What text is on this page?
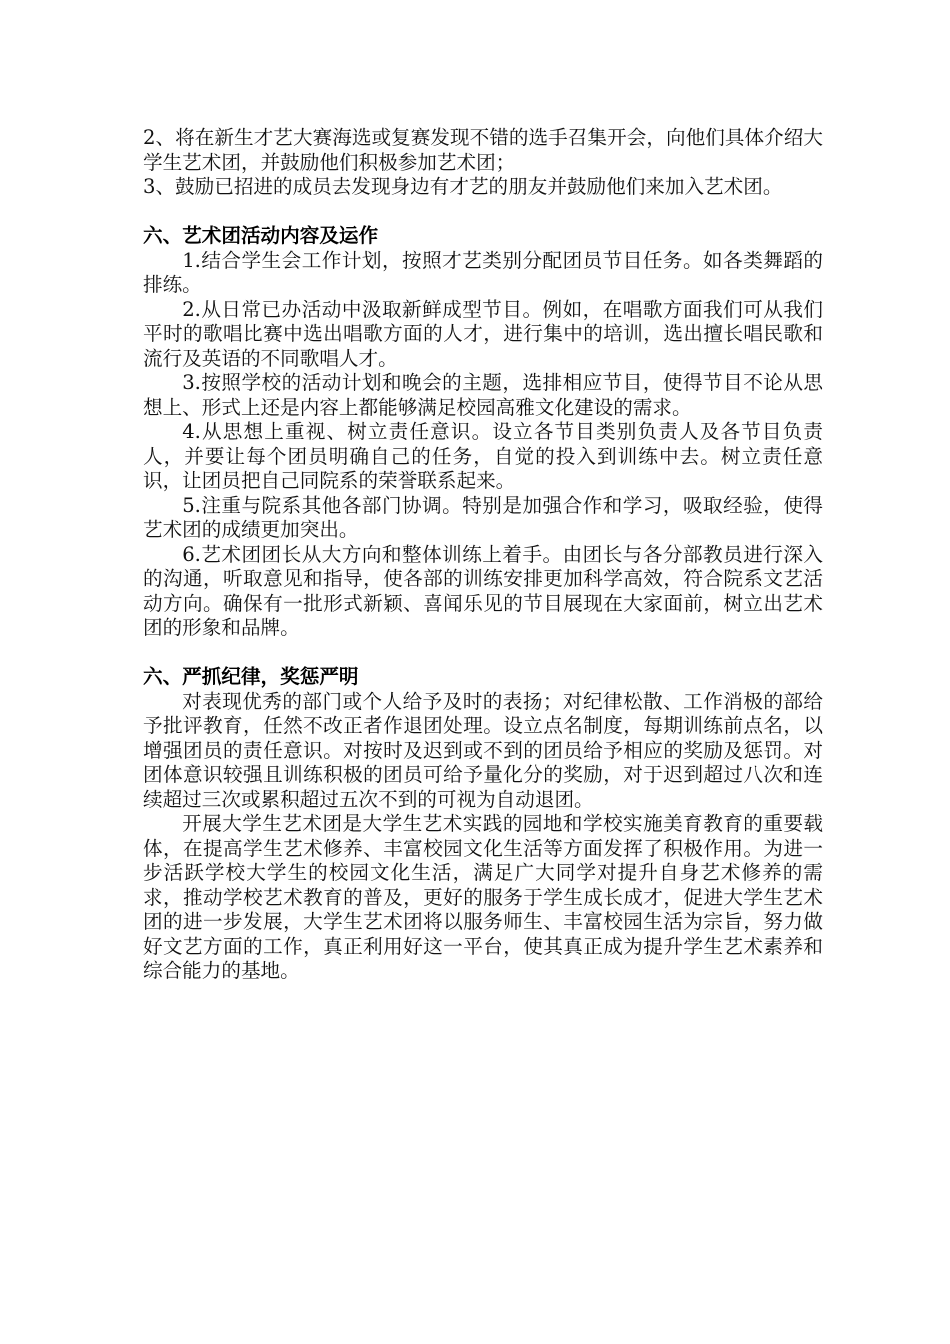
2、将在新生才艺大赛海选或复赛发现不错的选手召集开会，向他们具体介绍大学生艺术团，并鼓励他们积极参加艺术团；

3、鼓励已招进的成员去发现身边有才艺的朋友并鼓励他们来加入艺术团。

六、艺术团活动内容及运作

1.结合学生会工作计划，按照才艺类别分配团员节目任务。如各类舞蹈的排练。

2.从日常已办活动中汲取新鲜成型节目。例如，在唱歌方面我们可从我们平时的歌唱比赛中选出唱歌方面的人才，进行集中的培训，选出擅长唱民歌和流行及英语的不同歌唱人才。

3.按照学校的活动计划和晚会的主题，选排相应节目，使得节目不论从思想上、形式上还是内容上都能够满足校园高雅文化建设的需求。

4.从思想上重视、树立责任意识。设立各节目类别负责人及各节目负责人，并要让每个团员明确自己的任务，自觉的投入到训练中去。树立责任意识，让团员把自己同院系的荣誉联系起来。

5.注重与院系其他各部门协调。特别是加强合作和学习，吸取经验，使得艺术团的成绩更加突出。

6.艺术团团长从大方向和整体训练上着手。由团长与各分部教员进行深入的沟通，听取意见和指导，使各部的训练安排更加科学高效，符合院系文艺活动方向。确保有一批形式新颖、喜闻乐见的节目展现在大家面前，树立出艺术团的形象和品牌。

六、严抓纪律，奖惩严明

对表现优秀的部门或个人给予及时的表扬；对纪律松散、工作消极的部给予批评教育，任然不改正者作退团处理。设立点名制度，每期训练前点名，以增强团员的责任意识。对按时及迟到或不到的团员给予相应的奖励及惩罚。对团体意识较强且训练积极的团员可给予量化分的奖励，对于迟到超过八次和连续超过三次或累积超过五次不到的可视为自动退团。

开展大学生艺术团是大学生艺术实践的园地和学校实施美育教育的重要载体，在提高学生艺术修养、丰富校园文化生活等方面发挥了积极作用。为进一步活跃学校大学生的校园文化生活，满足广大同学对提升自身艺术修养的需求，推动学校艺术教育的普及，更好的服务于学生成长成才，促进大学生艺术团的进一步发展，大学生艺术团将以服务师生、丰富校园生活为宗旨，努力做好文艺方面的工作，真正利用好这一平台，使其真正成为提升学生艺术素养和综合能力的基地。
